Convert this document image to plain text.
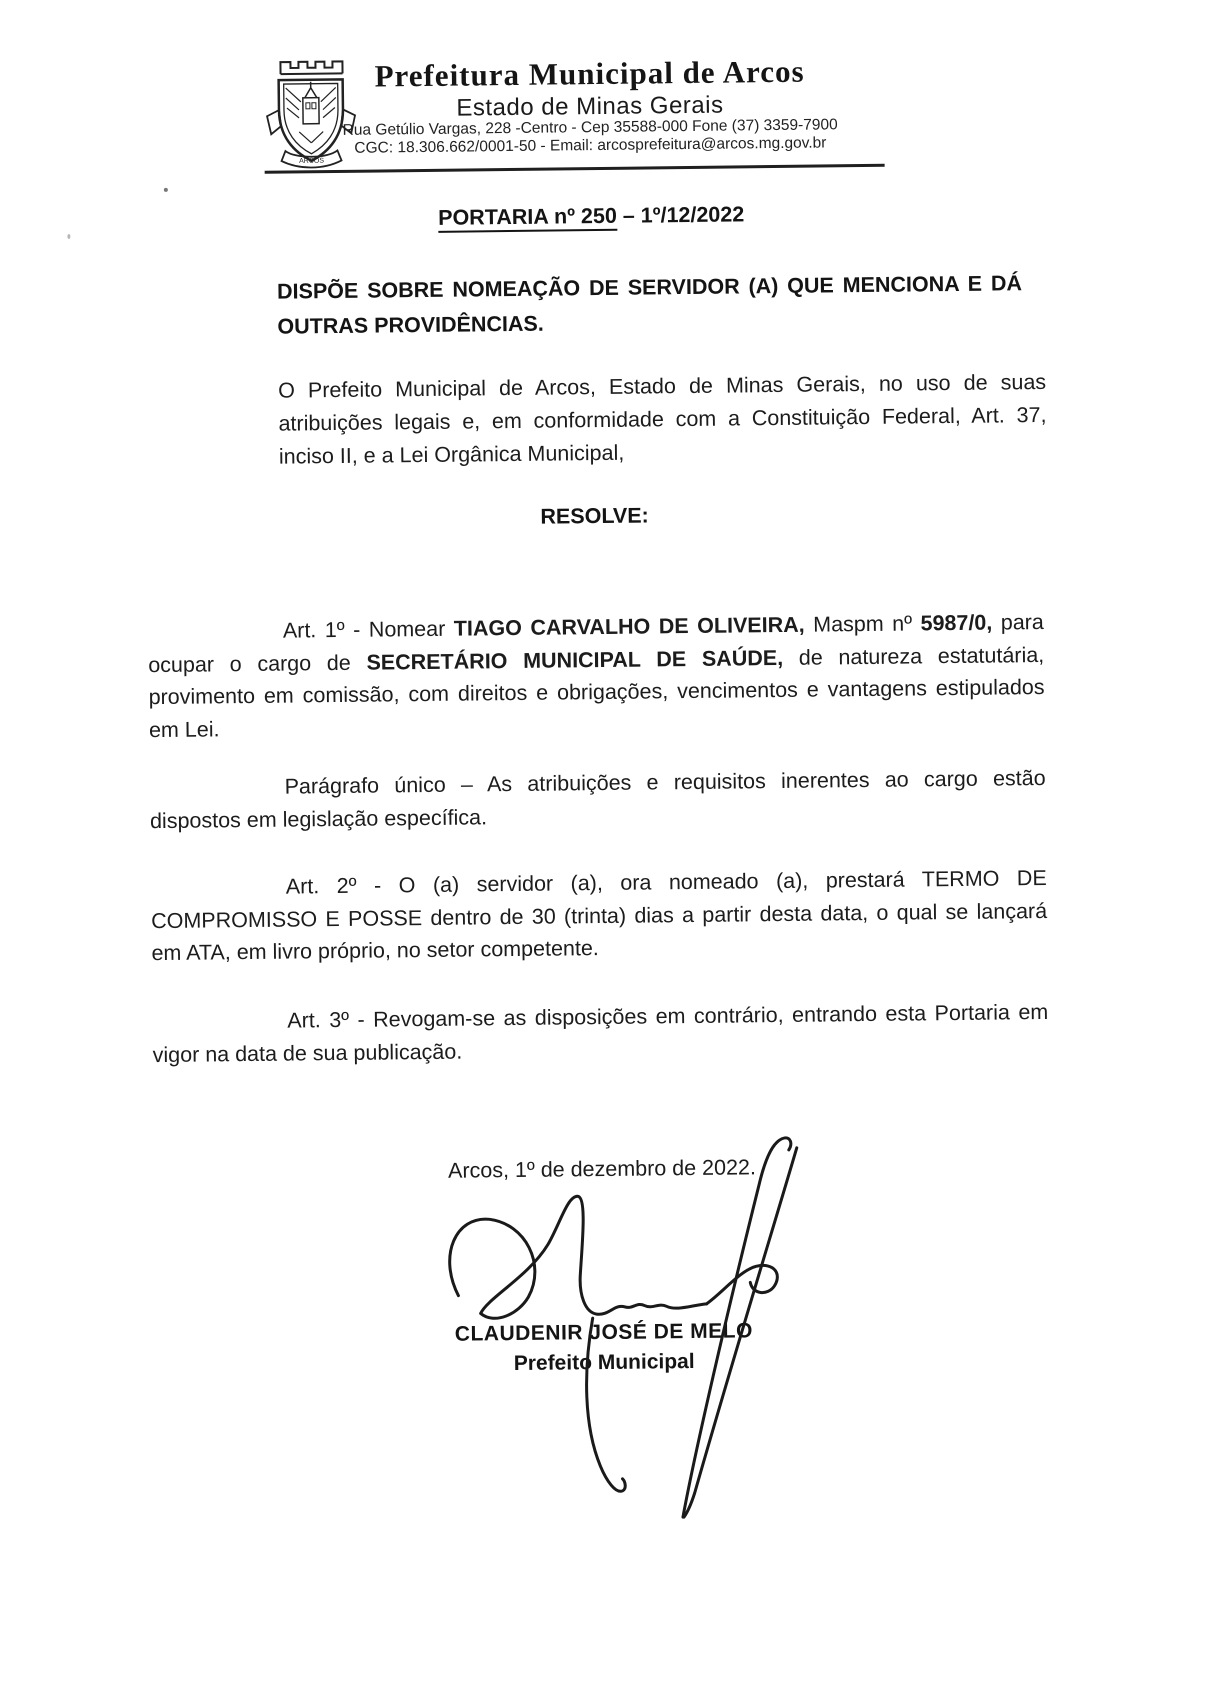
ARCOS
Prefeitura Municipal de Arcos
Estado de Minas Gerais
Rua Getúlio Vargas, 228 -Centro - Cep 35588-000 Fone (37) 3359-7900
CGC: 18.306.662/0001-50 - Email: arcosprefeitura@arcos.mg.gov.br
PORTARIA nº 250 – 1º/12/2022
DISPÕE SOBRE NOMEAÇÃO DE SERVIDOR (A) QUE MENCIONA E DÁ OUTRAS PROVIDÊNCIAS.
O Prefeito Municipal de Arcos, Estado de Minas Gerais, no uso de suas atribuições legais e, em conformidade com a Constituição Federal, Art. 37, inciso II, e a Lei Orgânica Municipal,
RESOLVE:
Art. 1º - Nomear TIAGO CARVALHO DE OLIVEIRA, Maspm nº 5987/0, para ocupar o cargo de SECRETÁRIO MUNICIPAL DE SAÚDE, de natureza estatutária, provimento em comissão, com direitos e obrigações, vencimentos e vantagens estipulados em Lei.
Parágrafo único – As atribuições e requisitos inerentes ao cargo estão dispostos em legislação específica.
Art. 2º - O (a) servidor (a), ora nomeado (a), prestará TERMO DE COMPROMISSO E POSSE dentro de 30 (trinta) dias a partir desta data, o qual se lançará em ATA, em livro próprio, no setor competente.
Art. 3º - Revogam-se as disposições em contrário, entrando esta Portaria em vigor na data de sua publicação.
Arcos, 1º de dezembro de 2022.
CLAUDENIR JOSÉ DE MELO
Prefeito Municipal
